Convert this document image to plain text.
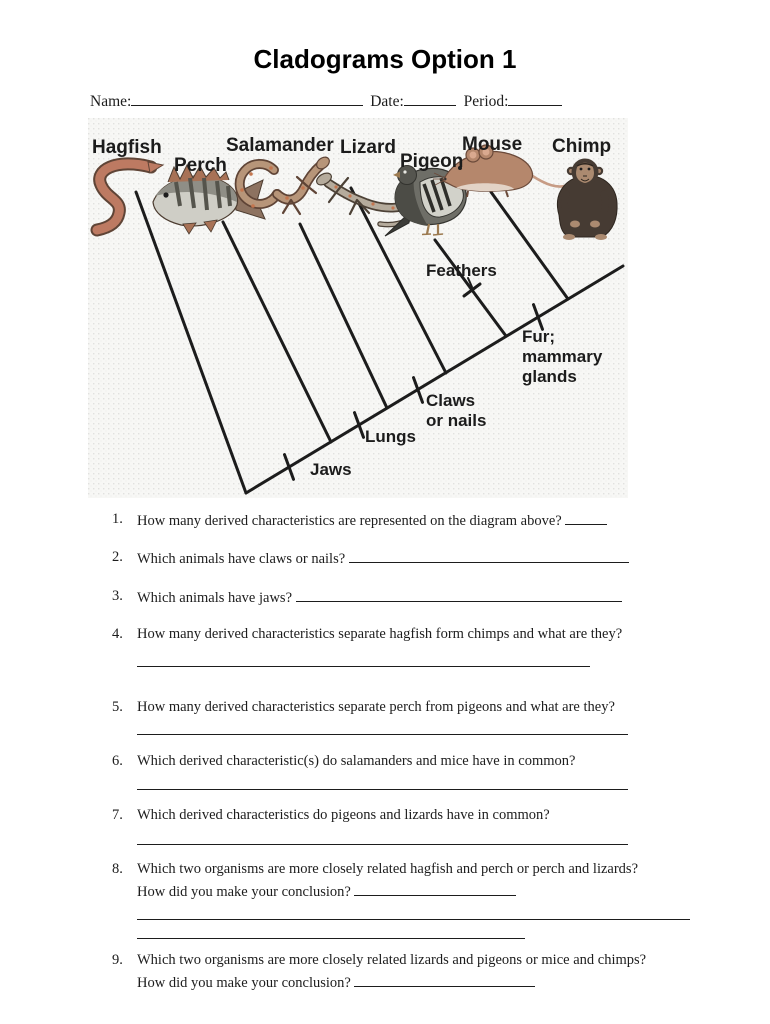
Cladograms Option 1
Name:	Date:	Period:
Hagfish
Perch
Salamander Lizard
Pigeon
Mouse Chimp
Jaws
Lungs
Claws or nails
Feathers
Fur; mammary glands
1. How many derived characteristics are represented on the diagram above?
2. Which animals have claws or nails?
3. Which animals have jaws?
4. How many derived characteristics separate hagfish form chimps and what are they?
5. How many derived characteristics separate perch from pigeons and what are they?
6. Which derived characteristic(s) do salamanders and mice have in common?
7. Which derived characteristics do pigeons and lizards have in common?
8. Which two organisms are more closely related hagfish and perch or perch and lizards?
How did you make your conclusion?
9. Which two organisms are more closely related lizards and pigeons or mice and chimps?
How did you make your conclusion?
